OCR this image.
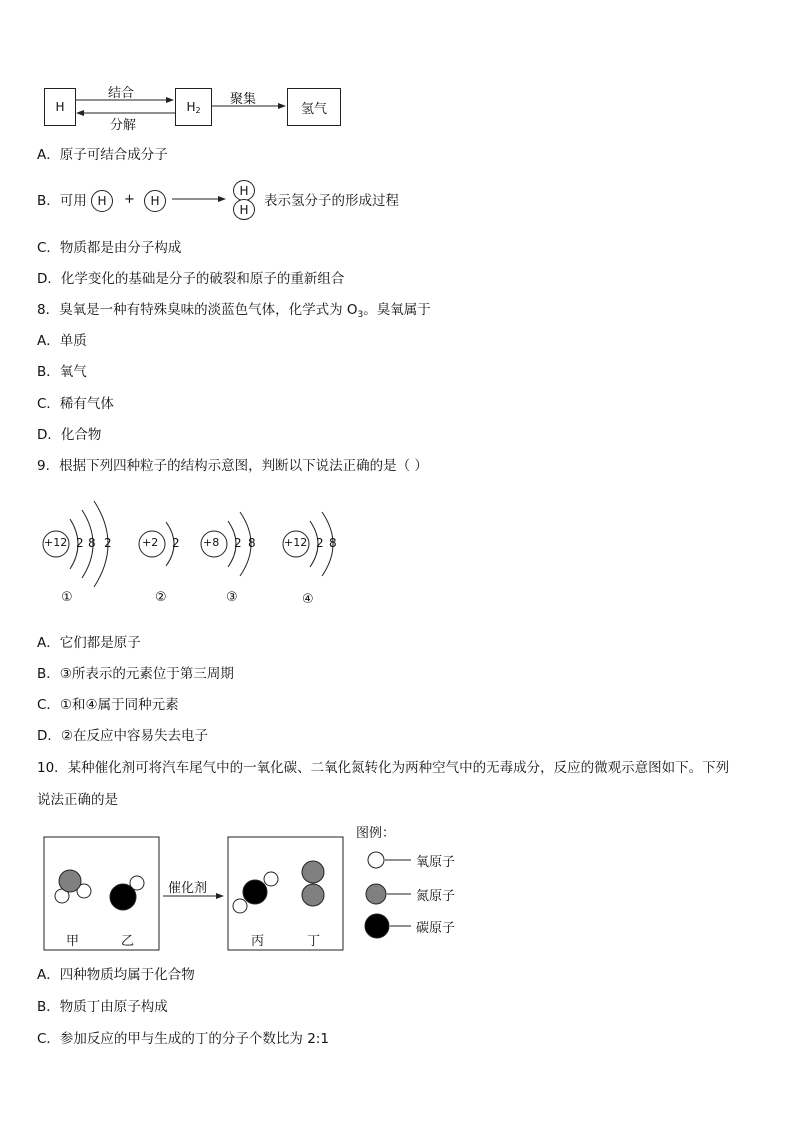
H	H2	氢气
结合
分解
聚集
A．原子可结合成分子
B．可用 H + H
H
H
表示氢分子的形成过程
C．物质都是由分子构成
D．化学变化的基础是分子的破裂和原子的重新组合
8．臭氧是一种有特殊臭味的淡蓝色气体，化学式为 $O_3$。臭氧属于
A．单质
B．氧气
C．稀有气体
D．化合物
9．根据下列四种粒子的结构示意图，判断以下说法正确的是（ ）
+12 2 8 2
①
+2 2
②
+8 2 8
③
+12 2 8
④
A．它们都是原子
B．③所表示的元素位于第三周期
C．①和④属于同种元素
D．②在反应中容易失去电子
10．某种催化剂可将汽车尾气中的一氧化碳、二氧化氮转化为两种空气中的无毒成分，反应的微观示意图如下。下列
说法正确的是
甲	乙	丙	丁
催化剂
图例：
氧原子
氮原子
碳原子
A．四种物质均属于化合物
B．物质丁由原子构成
C．参加反应的甲与生成的丁的分子个数比为 2:1
